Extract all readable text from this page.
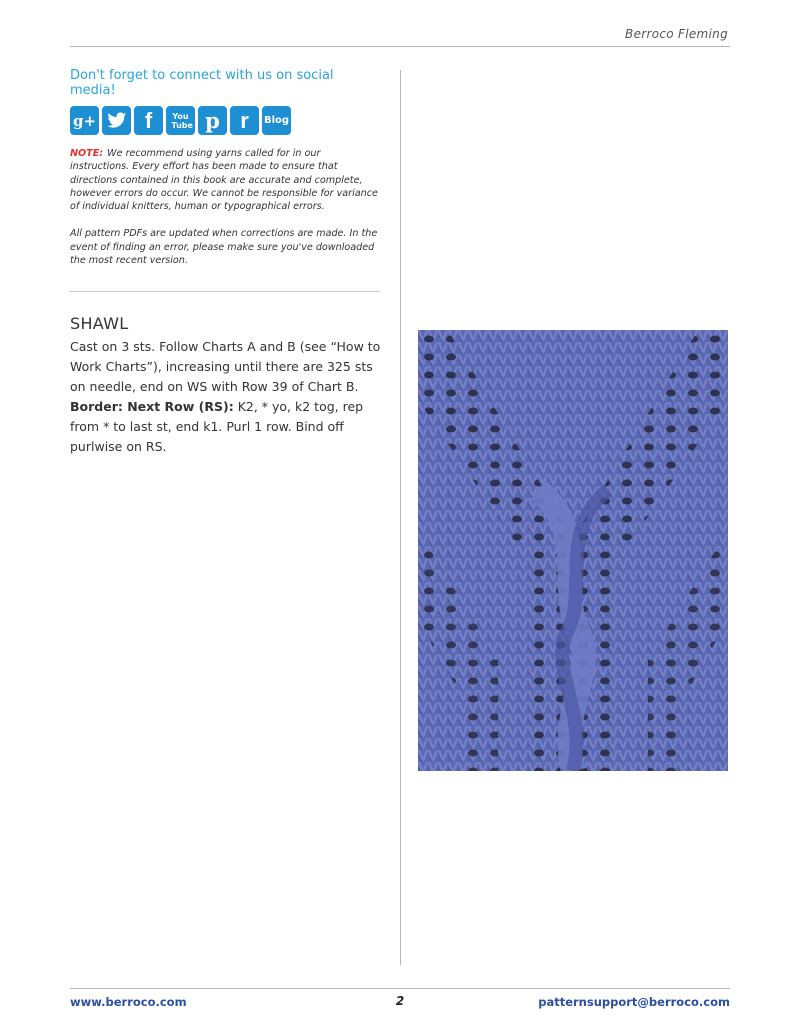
Berroco Fleming

Don't forget to connect with us on social media!

g+ f	You Tube p r Blog

NOTE: We recommend using yarns called for in our instructions. Every effort has been made to ensure that directions contained in this book are accurate and complete, however errors do occur. We cannot be responsible for variance of individual knitters, human or typographical errors.

All pattern PDFs are updated when corrections are made. In the event of finding an error, please make sure you've downloaded the most recent version.

SHAWL

Cast on 3 sts. Follow Charts A and B (see “How to Work Charts”), increasing until there are 325 sts on needle, end on WS with Row 39 of Chart B.

Border: Next Row (RS): K2, * yo, k2 tog, rep from * to last st, end k1. Purl 1 row. Bind off purlwise on RS.

www.berroco.com	2	patternsupport@berroco.com
